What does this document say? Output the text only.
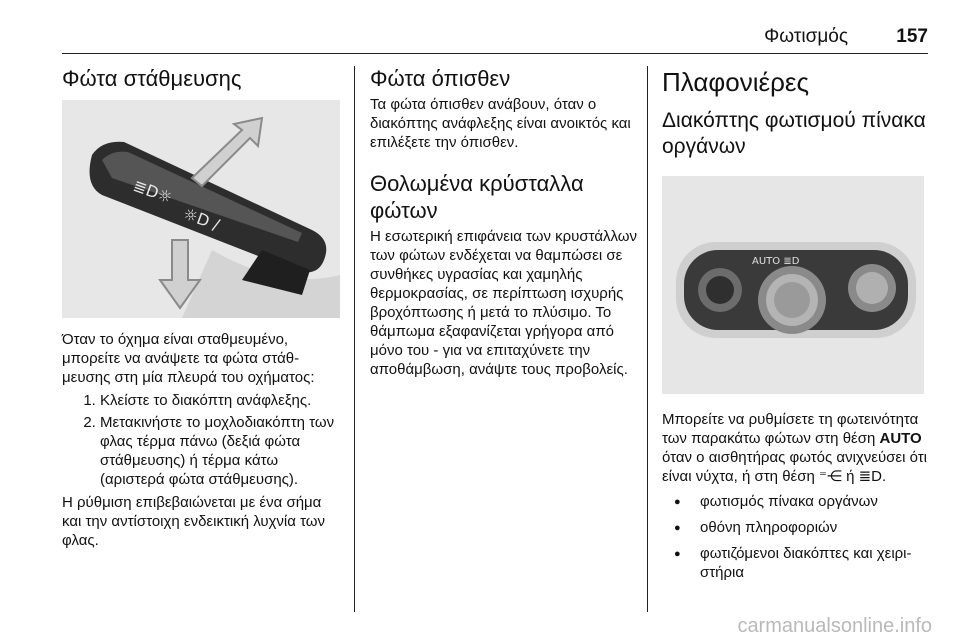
Φωτισμός	157
Φώτα στάθμευσης
≣D☼
☼D /

Όταν το όχημα είναι σταθμευμένο, μπορείτε να ανάψετε τα φώτα στάθμευσης στη μία πλευρά του οχήματος:

1. Κλείστε το διακόπτη ανάφλεξης.
2. Μετακινήστε το μοχλοδιακόπτη των φλας τέρμα πάνω (δεξιά φώτα στάθμευσης) ή τέρμα κάτω (αριστερά φώτα στάθμευσης).

Η ρύθμιση επιβεβαιώνεται με ένα σήμα και την αντίστοιχη ενδεικτική λυχνία των φλας.

Φώτα όπισθεν

Τα φώτα όπισθεν ανάβουν, όταν ο διακόπτης ανάφλεξης είναι ανοικτός και επιλέξετε την όπισθεν.

Θολωμένα κρύσταλλα φώτων

Η εσωτερική επιφάνεια των κρυστάλλων των φώτων ενδέχεται να θαμπώσει σε συνθήκες υγρασίας και χαμηλής θερμοκρασίας, σε περίπτωση ισχυρής βροχόπτωσης ή μετά το πλύσιμο. Το θάμπωμα εξαφανίζεται γρήγορα από μόνο του - για να επιταχύνετε την αποθάμβωση, ανάψτε τους προβολείς.

Πλαφονιέρες
Διακόπτης φωτισμού πίνακα οργάνων
AUTO ≣D

Μπορείτε να ρυθμίσετε τη φωτεινότητα των παρακάτω φώτων στη θέση AUTO όταν ο αισθητήρας φωτός ανιχνεύσει ότι είναι νύχτα, ή στη θέση ⁼⋲ ή ≣D.

● φωτισμός πίνακα οργάνων
● οθόνη πληροφοριών
● φωτιζόμενοι διακόπτες και χειριστήρια
carmanualsonline.info
